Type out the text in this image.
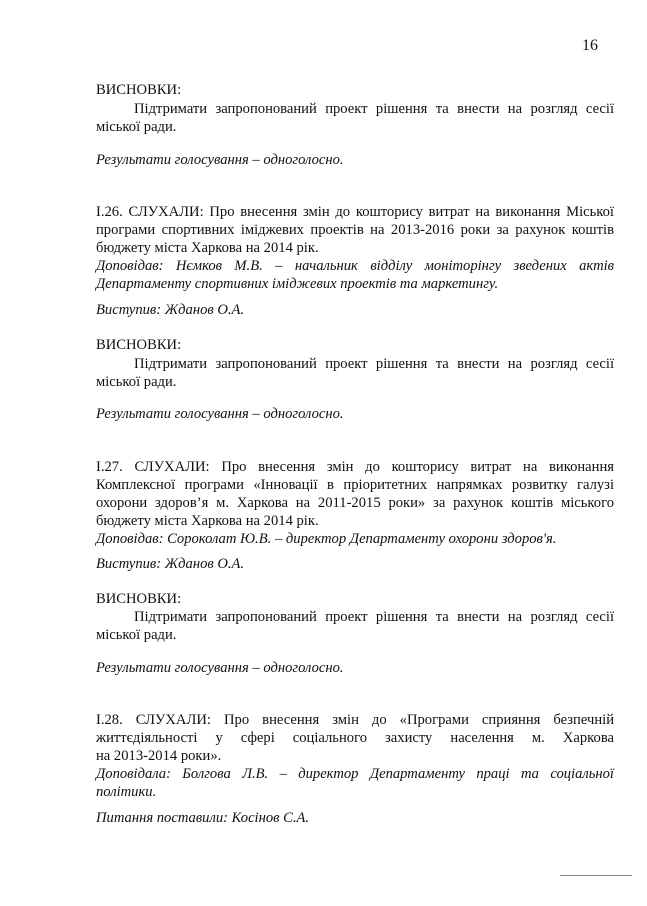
16
ВИСНОВКИ:
Підтримати запропонований проект рішення та внести на розгляд сесії
міської ради.
Результати голосування – одноголосно.
І.26. СЛУХАЛИ: Про внесення змін до кошторису витрат на виконання Міської
програми спортивних іміджевих проектів на 2013-2016 роки за рахунок коштів
бюджету міста Харкова на 2014 рік.
Доповідав: Нємков М.В. – начальник відділу моніторінгу зведених актів
Департаменту спортивних іміджевих проектів та маркетингу.
Виступив: Жданов О.А.
ВИСНОВКИ:
Підтримати запропонований проект рішення та внести на розгляд сесії
міської ради.
Результати голосування – одноголосно.
І.27. СЛУХАЛИ: Про внесення змін до кошторису витрат на виконання
Комплексної програми «Інновації в пріоритетних напрямках розвитку галузі
охорони здоров’я м. Харкова на 2011-2015 роки» за рахунок коштів міського
бюджету міста Харкова на 2014 рік.
Доповідав: Сороколат Ю.В. – директор Департаменту охорони здоров'я.
Виступив: Жданов О.А.
ВИСНОВКИ:
Підтримати запропонований проект рішення та внести на розгляд сесії
міської ради.
Результати голосування – одноголосно.
І.28. СЛУХАЛИ: Про внесення змін до «Програми сприяння безпечній
життєдіяльності у сфері соціального захисту населення м. Харкова
на 2013-2014 роки».
Доповідала: Болгова Л.В. – директор Департаменту праці та соціальної
політики.
Питання поставили: Косінов С.А.
